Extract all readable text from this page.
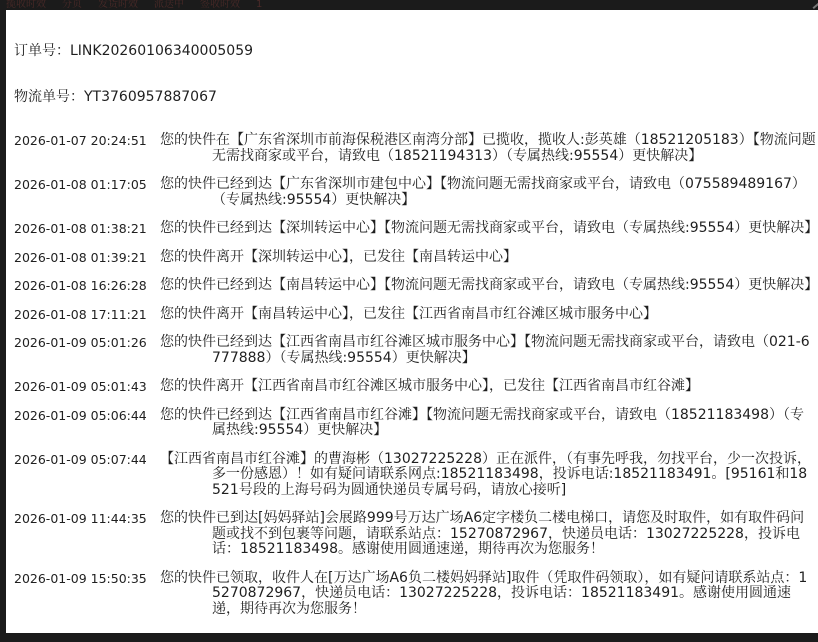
揽收时效 分页 发货时效 派送中 签收时效 1
订单号：LINK20260106340005059
物流单号：YT3760957887067
2026-01-07 20:24:51 您的快件在【广东省深圳市前海保税港区南湾分部】已揽收，揽收人:彭英雄（18521205183）【物流问题无需找商家或平台，请致电（18521194313）（专属热线:95554）更快解决】
2026-01-08 01:17:05 您的快件已经到达【广东省深圳市建包中心】【物流问题无需找商家或平台，请致电（075589489167）（专属热线:95554）更快解决】
2026-01-08 01:38:21 您的快件已经到达【深圳转运中心】【物流问题无需找商家或平台，请致电（专属热线:95554）更快解决】
2026-01-08 01:39:21 您的快件离开【深圳转运中心】，已发往【南昌转运中心】
2026-01-08 16:26:28 您的快件已经到达【南昌转运中心】【物流问题无需找商家或平台，请致电（专属热线:95554）更快解决】
2026-01-08 17:11:21 您的快件离开【南昌转运中心】，已发往【江西省南昌市红谷滩区城市服务中心】
2026-01-09 05:01:26 您的快件已经到达【江西省南昌市红谷滩区城市服务中心】【物流问题无需找商家或平台，请致电（021-6777888）（专属热线:95554）更快解决】
2026-01-09 05:01:43 您的快件离开【江西省南昌市红谷滩区城市服务中心】，已发往【江西省南昌市红谷滩】
2026-01-09 05:06:44 您的快件已经到达【江西省南昌市红谷滩】【物流问题无需找商家或平台，请致电（18521183498）（专属热线:95554）更快解决】
2026-01-09 05:07:44 【江西省南昌市红谷滩】的曹海彬（13027225228）正在派件，（有事先呼我，勿找平台，少一次投诉，多一份感恩）！如有疑问请联系网点:18521183498，投诉电话:18521183491。[95161和18521号段的上海号码为圆通快递员专属号码，请放心接听]
2026-01-09 11:44:35 您的快件已到达[妈妈驿站]会展路999号万达广场A6定字楼负二楼电梯口，请您及时取件，如有取件码问题或找不到包裹等问题，请联系站点：15270872967，快递员电话：13027225228，投诉电话：18521183498。感谢使用圆通速递，期待再次为您服务！
2026-01-09 15:50:35 您的快件已领取，收件人在[万达广场A6负二楼妈妈驿站]取件（凭取件码领取），如有疑问请联系站点：15270872967，快递员电话：13027225228，投诉电话：18521183491。感谢使用圆通速递，期待再次为您服务！
